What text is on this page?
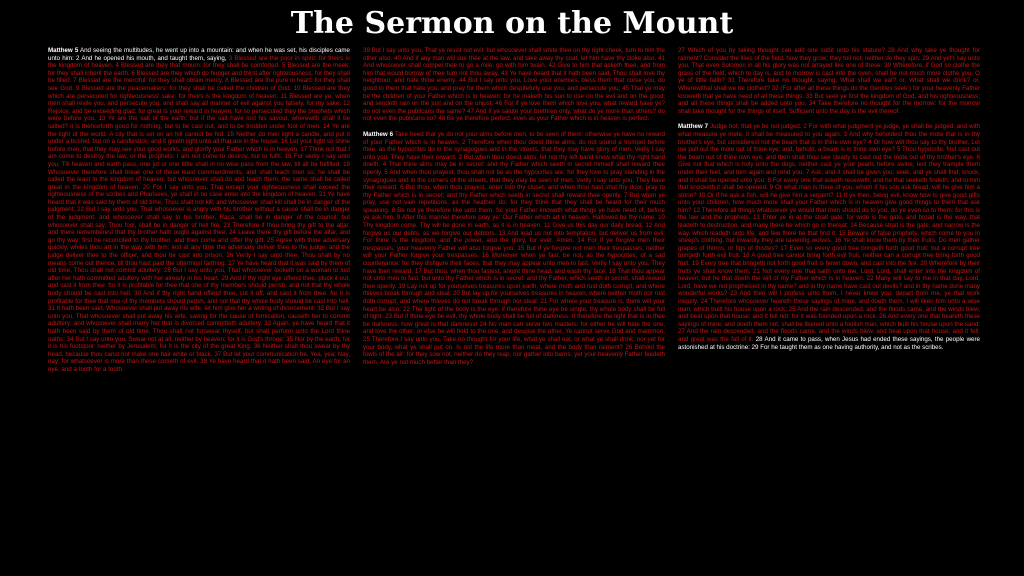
The Sermon on the Mount

Matthew 5 And seeing the multitudes, he went up into a mountain: and when he was set, his disciples came unto him: 2 And he opened his mouth, and taught them, saying, 3 Blessed are the poor in spirit: for theirs is the kingdom of heaven. 4 Blessed are they that mourn: for they shall be comforted. 5 Blessed are the meek: for they shall inherit the earth. 6 Blessed are they which do hunger and thirst after righteousness: for they shall be filled. 7 Blessed are the merciful: for they shall obtain mercy. 8 Blessed are the pure in heart: for they shall see God. 9 Blessed are the peacemakers: for they shall be called the children of God. 10 Blessed are they which are persecuted for righteousness' sake: for theirs is the kingdom of heaven. 11 Blessed are ye, when men shall revile you, and persecute you, and shall say all manner of evil against you falsely, for my sake. 12 Rejoice, and be exceeding glad: for great is your reward in heaven: for so persecuted they the prophets which were before you. 13 Ye are the salt of the earth: but if the salt have lost his savour, wherewith shall it be salted? it is thenceforth good for nothing, but to be cast out, and to be trodden under foot of men. 14 Ye are the light of the world. A city that is set on an hill cannot be hid. 15 Neither do men light a candle, and put it under a bushel, but on a candlestick; and it giveth light unto all that are in the house. 16 Let your light so shine before men, that they may see your good works, and glorify your Father which is in heaven. 17 Think not that I am come to destroy the law, or the prophets: I am not come to destroy, but to fulfil. 18 For verily I say unto you, Till heaven and earth pass, one jot or one tittle shall in no wise pass from the law, till all be fulfilled. 19 Whosoever therefore shall break one of these least commandments, and shall teach men so, he shall be called the least in the kingdom of heaven: but whosoever shall do and teach them, the same shall be called great in the kingdom of heaven. 20 For I say unto you, That except your righteousness shall exceed the righteousness of the scribes and Pharisees, ye shall in no case enter into the kingdom of heaven. 21 Ye have heard that it was said by them of old time, Thou shalt not kill; and whosoever shall kill shall be in danger of the judgment: 22 But I say unto you, That whosoever is angry with his brother without a cause shall be in danger of the judgment: and whosoever shall say to his brother, Raca, shall be in danger of the council: but whosoever shall say, Thou fool, shall be in danger of hell fire. 23 Therefore if thou bring thy gift to the altar, and there rememberest that thy brother hath ought against thee; 24 Leave there thy gift before the altar, and go thy way; first be reconciled to thy brother, and then come and offer thy gift. 25 Agree with thine adversary quickly, whiles thou art in the way with him; lest at any time the adversary deliver thee to the judge, and the judge deliver thee to the officer, and thou be cast into prison. 26 Verily I say unto thee, Thou shalt by no means come out thence, till thou hast paid the uttermost farthing. 27 Ye have heard that it was said by them of old time, Thou shalt not commit adultery: 28 But I say unto you, That whosoever looketh on a woman to lust after her hath committed adultery with her already in his heart. 29 And if thy right eye offend thee, pluck it out, and cast it from thee: for it is profitable for thee that one of thy members should perish, and not that thy whole body should be cast into hell. 30 And if thy right hand offend thee, cut it off, and cast it from thee: for it is profitable for thee that one of thy members should perish, and not that thy whole body should be cast into hell. 31 It hath been said, Whosoever shall put away his wife, let him give her a writing of divorcement: 32 But I say unto you, That whosoever shall put away his wife, saving for the cause of fornication, causeth her to commit adultery: and whosoever shall marry her that is divorced committeth adultery. 33 Again, ye have heard that it hath been said by them of old time, Thou shalt not forswear thyself, but shalt perform unto the Lord thine oaths: 34 But I say unto you, Swear not at all; neither by heaven; for it is God's throne: 35 Nor by the earth; for it is his footstool: neither by Jerusalem; for it is the city of the great King. 36 Neither shalt thou swear by thy head, because thou canst not make one hair white or black. 37 But let your communication be, Yea, yea; Nay, nay: for whatsoever is more than these cometh of evil. 38 Ye have heard that it hath been said, An eye for an eye, and a tooth for a tooth:

39 But I say unto you, That ye resist not evil: but whosoever shall smite thee on thy right cheek, turn to him the other also. 40 And if any man will sue thee at the law, and take away thy coat, let him have thy cloke also. 41 And whosoever shall compel thee to go a mile, go with him twain. 42 Give to him that asketh thee, and from him that would borrow of thee turn not thou away. 43 Ye have heard that it hath been said, Thou shalt love thy neighbour, and hate thine enemy. 44 But I say unto you, Love your enemies, bless them that curse you, do good to them that hate you, and pray for them which despitefully use you, and persecute you; 45 That ye may be the children of your Father which is in heaven: for he maketh his sun to rise on the evil and on the good, and sendeth rain on the just and on the unjust. 46 For if ye love them which love you, what reward have ye? do not even the publicans the same? 47 And if ye salute your brethren only, what do ye more than others? do not even the publicans so? 48 Be ye therefore perfect, even as your Father which is in heaven is perfect.

Matthew 6 Take heed that ye do not your alms before men, to be seen of them: otherwise ye have no reward of your Father which is in heaven. 2 Therefore when thou doest thine alms, do not sound a trumpet before thee, as the hypocrites do in the synagogues and in the streets, that they may have glory of men. Verily I say unto you, They have their reward. 3 But when thou doest alms, let not thy left hand know what thy right hand doeth: 4 That thine alms may be in secret: and thy Father which seeth in secret himself shall reward thee openly. 5 And when thou prayest, thou shalt not be as the hypocrites are: for they love to pray standing in the synagogues and in the corners of the streets, that they may be seen of men. Verily I say unto you, They have their reward. 6 But thou, when thou prayest, enter into thy closet, and when thou hast shut thy door, pray to thy Father which is in secret; and thy Father which seeth in secret shall reward thee openly. 7 But when ye pray, use not vain repetitions, as the heathen do: for they think that they shall be heard for their much speaking. 8 Be not ye therefore like unto them: for your Father knoweth what things ye have need of, before ye ask him. 9 After this manner therefore pray ye: Our Father which art in heaven, Hallowed be thy name. 10 Thy kingdom come. Thy will be done in earth, as it is in heaven. 11 Give us this day our daily bread. 12 And forgive us our debts, as we forgive our debtors. 13 And lead us not into temptation, but deliver us from evil: For thine is the kingdom, and the power, and the glory, for ever. Amen. 14 For if ye forgive men their trespasses, your heavenly Father will also forgive you: 15 But if ye forgive not men their trespasses, neither will your Father forgive your trespasses. 16 Moreover when ye fast, be not, as the hypocrites, of a sad countenance: for they disfigure their faces, that they may appear unto men to fast. Verily I say unto you, They have their reward. 17 But thou, when thou fastest, anoint thine head, and wash thy face; 18 That thou appear not unto men to fast, but unto thy Father which is in secret: and thy Father, which seeth in secret, shall reward thee openly. 19 Lay not up for yourselves treasures upon earth, where moth and rust doth corrupt, and where thieves break through and steal: 20 But lay up for yourselves treasures in heaven, where neither moth nor rust doth corrupt, and where thieves do not break through nor steal: 21 For where your treasure is, there will your heart be also. 22 The light of the body is the eye: if therefore thine eye be single, thy whole body shall be full of light. 23 But if thine eye be evil, thy whole body shall be full of darkness. If therefore the light that is in thee be darkness, how great is that darkness! 24 No man can serve two masters: for either he will hate the one, and love the other; or else he will hold to the one, and despise the other. Ye cannot serve God and mammon. 25 Therefore I say unto you, Take no thought for your life, what ye shall eat, or what ye shall drink; nor yet for your body, what ye shall put on. Is not the life more than meat, and the body than raiment? 26 Behold the fowls of the air: for they sow not, neither do they reap, nor gather into barns; yet your heavenly Father feedeth them. Are ye not much better than they?

27 Which of you by taking thought can add one cubit unto his stature? 28 And why take ye thought for raiment? Consider the lilies of the field, how they grow; they toil not, neither do they spin: 29 And yet I say unto you, That even Solomon in all his glory was not arrayed like one of these. 30 Wherefore, if God so clothe the grass of the field, which to day is, and to morrow is cast into the oven, shall he not much more clothe you, O ye of little faith? 31 Therefore take no thought, saying, What shall we eat? or, What shall we drink? or, Wherewithal shall we be clothed? 32 (For after all these things do the Gentiles seek:) for your heavenly Father knoweth that ye have need of all these things. 33 But seek ye first the kingdom of God, and his righteousness; and all these things shall be added unto you. 34 Take therefore no thought for the morrow: for the morrow shall take thought for the things of itself. Sufficient unto the day is the evil thereof.

Matthew 7 Judge not, that ye be not judged. 2 For with what judgment ye judge, ye shall be judged: and with what measure ye mete, it shall be measured to you again. 3 And why beholdest thou the mote that is in thy brother's eye, but considerest not the beam that is in thine own eye? 4 Or how wilt thou say to thy brother, Let me pull out the mote out of thine eye; and, behold, a beam is in thine own eye? 5 Thou hypocrite, first cast out the beam out of thine own eye; and then shalt thou see clearly to cast out the mote out of thy brother's eye. 6 Give not that which is holy unto the dogs, neither cast ye your pearls before swine, lest they trample them under their feet, and turn again and rend you. 7 Ask, and it shall be given you; seek, and ye shall find; knock, and it shall be opened unto you: 8 For every one that asketh receiveth; and he that seeketh findeth; and to him that knocketh it shall be opened. 9 Or what man is there of you, whom if his son ask bread, will he give him a stone? 10 Or if he ask a fish, will he give him a serpent? 11 If ye then, being evil, know how to give good gifts unto your children, how much more shall your Father which is in heaven give good things to them that ask him? 12 Therefore all things whatsoever ye would that men should do to you, do ye even so to them: for this is the law and the prophets. 13 Enter ye in at the strait gate: for wide is the gate, and broad is the way, that leadeth to destruction, and many there be which go in thereat: 14 Because strait is the gate, and narrow is the way, which leadeth unto life, and few there be that find it. 15 Beware of false prophets, which come to you in sheep's clothing, but inwardly they are ravening wolves. 16 Ye shall know them by their fruits. Do men gather grapes of thorns, or figs of thistles? 17 Even so every good tree bringeth forth good fruit; but a corrupt tree bringeth forth evil fruit. 18 A good tree cannot bring forth evil fruit, neither can a corrupt tree bring forth good fruit. 19 Every tree that bringeth not forth good fruit is hewn down, and cast into the fire. 20 Wherefore by their fruits ye shall know them. 21 Not every one that saith unto me, Lord, Lord, shall enter into the kingdom of heaven; but he that doeth the will of my Father which is in heaven. 22 Many will say to me in that day, Lord, Lord, have we not prophesied in thy name? and in thy name have cast out devils? and in thy name done many wonderful works? 23 And then will I profess unto them, I never knew you: depart from me, ye that work iniquity. 24 Therefore whosoever heareth these sayings of mine, and doeth them, I will liken him unto a wise man, which built his house upon a rock: 25 And the rain descended, and the floods came, and the winds blew, and beat upon that house; and it fell not: for it was founded upon a rock. 26 And every one that heareth these sayings of mine, and doeth them not, shall be likened unto a foolish man, which built his house upon the sand: 27 And the rain descended, and the floods came, and the winds blew, and beat upon that house; and it fell: and great was the fall of it. 28 And it came to pass, when Jesus had ended these sayings, the people were astonished at his doctrine: 29 For he taught them as one having authority, and not as the scribes.
